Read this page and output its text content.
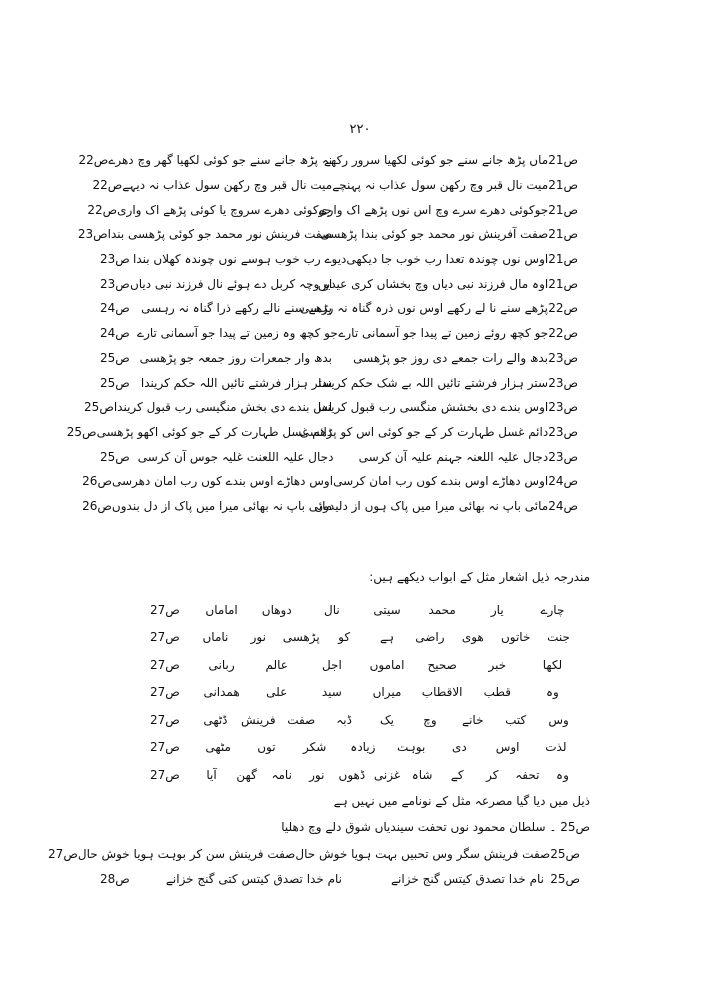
۲۲۰
ص21
ماں پڑھ جانے سنے جو کوئی لکھیا سرور رکھے
نہ پڑھ جانے سنے جو کوئی لکھیا گھر وچ دھرے
ص22
ص21
میت نال قبر وچ رکھن سول عذاب نہ پہنچے
میت نال قبر وچ رکھن سول عذاب نہ دیہے
ص22
ص21
جوکوئی دھرے سرے وچ اس نوں پڑھے اک واری
جوکوئی دھرے سروچ یا کوئی پڑھے اک واری
ص22
ص21
صفت آفرینش نور محمد جو کوئی بندا پڑھسی
صفت فرینش نور محمد جو کوئی پڑھسی بندا
ص23
ص21
اوس نوں چوندہ تعدا رب خوب جا دیکھی
دیوے رب خوب ہوسے نوں چوندہ کھلاں بندا
ص23
ص21
اوہ مال فرزند نبی دیاں وچ بخشاں کری عیدیں
او وچہ کربل دے ہوئے نال فرزند نبی دیاں
ص23
ص22
پڑھے سنے نا لے رکھے اوس نوں ذرہ گناہ نہ رہسی
پڑھے سنے نالے رکھے ذرا گناہ نہ رہسی
ص24
ص22
جو کچھ روئے زمین تے پیدا جو آسمانی تارے
جو کچھ وہ زمین تے پیدا جو آسمانی تارے
ص24
ص23
بدھ والے رات جمعے دی روز جو پڑھسی
بدھ وار جمعرات روز جمعہ جو پڑھسی
ص25
ص23
ستر ہزار فرشتے تائیں اللہ بے شک حکم کریندا
ستر ہزار فرشتے تائیں اللہ حکم کریندا
ص25
ص23
اوس بندے دی بخشش منگسی رب قبول کریندا
لس بندے دی بخش منگیسی رب قبول کریندا
ص25
ص23
دائم غسل طہارت کر کے جو کوئی اس کو پڑھسی
دائم غسل طہارت کر کے جو کوئی اکھو پڑھسی
ص25
ص23
دجال علیہ اللعنہ جہنم علیہ آن کرسی
دجال علیہ اللعنت غلیہ جوس آن کرسی
ص25
ص24
اوس دھاڑے اوس بندے کوں رب امان کرسی
اوس دھاڑے اوس بندے کوں رب امان دھرسی
ص26
ص24
مائی باپ نہ بھائی میرا میں پاک ہوں از دلیدوں
مائی باپ نہ بھائی میرا میں پاک از دل بندوں
ص26
مندرجہ ذیل اشعار مثل کے ابواب دیکھے ہیں:
چارے
یار
محمد
سیتی
نال
دوھاں
اماماں
ص27
جنت
خاتوں
ھوی
راضی
ہے
کو
پڑھسی
نور
ناماں
ص27
لکھا
خبر
صحیح
اماموں
اجل
عالم
ربانی
ص27
وہ
قطب
الاقطاب
میراں
سید
علی
ھمدانی
ص27
وس
کتب
خانے
وچ
یک
ڈبہ
صفت
فرینش
ڈٹھی
ص27
لذت
اوس
دی
بوہت
زیادہ
شکر
توں
مٹھی
ص27
وہ
تحفہ
کر
کے
شاہ
غزنی
ڈھوں
نور
نامہ
گھن
آیا
ص27
ذیل میں دیا گیا مصرعہ مثل کے نونامے میں نہیں ہے
ص25 ۔ سلطان محمود نوں تحفت سیندیاں شوق دلے وچ دھلیا
ص25
صفت فرینش سگر وس تحبیں بہت ہویا خوش حال
صفت فرینش سن کر بوہت ہویا خوش حال
ص27
ص25
نام خدا تصدق کیتس گنج خزانے
نام خدا تصدق کیتس کتی گنج خزانے
ص28
